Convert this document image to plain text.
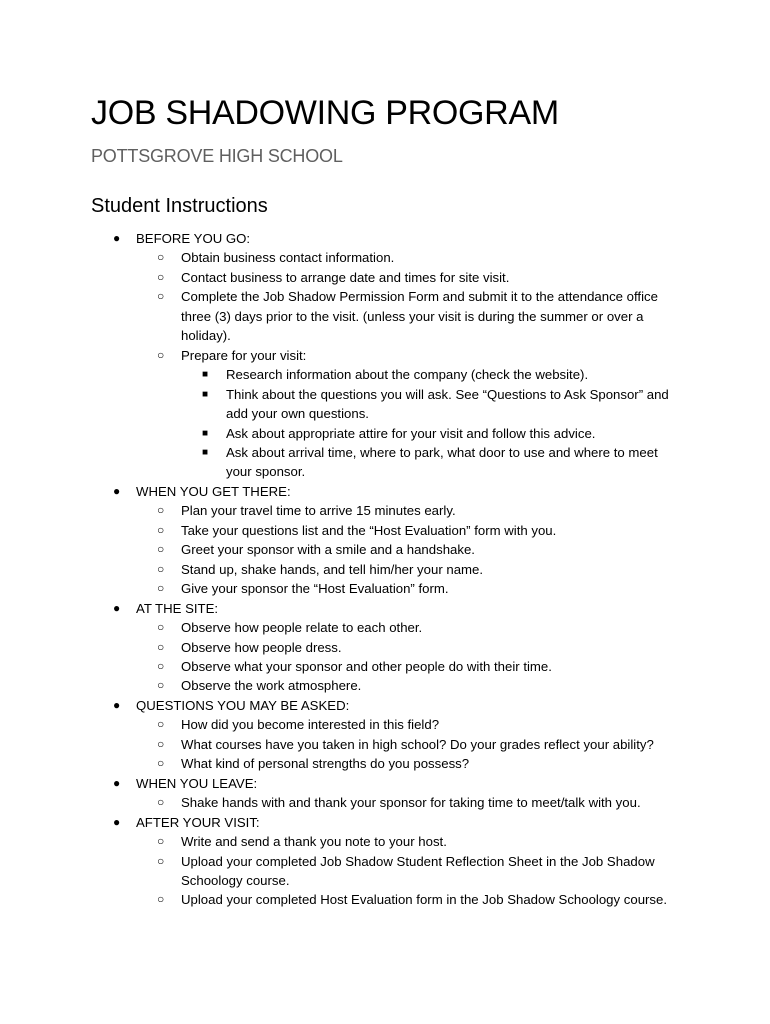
JOB SHADOWING PROGRAM
POTTSGROVE HIGH SCHOOL
Student Instructions
● BEFORE YOU GO:
○ Obtain business contact information.
○ Contact business to arrange date and times for site visit.
○ Complete the Job Shadow Permission Form and submit it to the attendance office three (3) days prior to the visit. (unless your visit is during the summer or over a holiday).
○ Prepare for your visit:
■ Research information about the company (check the website).
■ Think about the questions you will ask. See “Questions to Ask Sponsor” and add your own questions.
■ Ask about appropriate attire for your visit and follow this advice.
■ Ask about arrival time, where to park, what door to use and where to meet your sponsor.
● WHEN YOU GET THERE:
○ Plan your travel time to arrive 15 minutes early.
○ Take your questions list and the “Host Evaluation” form with you.
○ Greet your sponsor with a smile and a handshake.
○ Stand up, shake hands, and tell him/her your name.
○ Give your sponsor the “Host Evaluation” form.
● AT THE SITE:
○ Observe how people relate to each other.
○ Observe how people dress.
○ Observe what your sponsor and other people do with their time.
○ Observe the work atmosphere.
● QUESTIONS YOU MAY BE ASKED:
○ How did you become interested in this field?
○ What courses have you taken in high school? Do your grades reflect your ability?
○ What kind of personal strengths do you possess?
● WHEN YOU LEAVE:
○ Shake hands with and thank your sponsor for taking time to meet/talk with you.
● AFTER YOUR VISIT:
○ Write and send a thank you note to your host.
○ Upload your completed Job Shadow Student Reflection Sheet in the Job Shadow Schoology course.
○ Upload your completed Host Evaluation form in the Job Shadow Schoology course.
